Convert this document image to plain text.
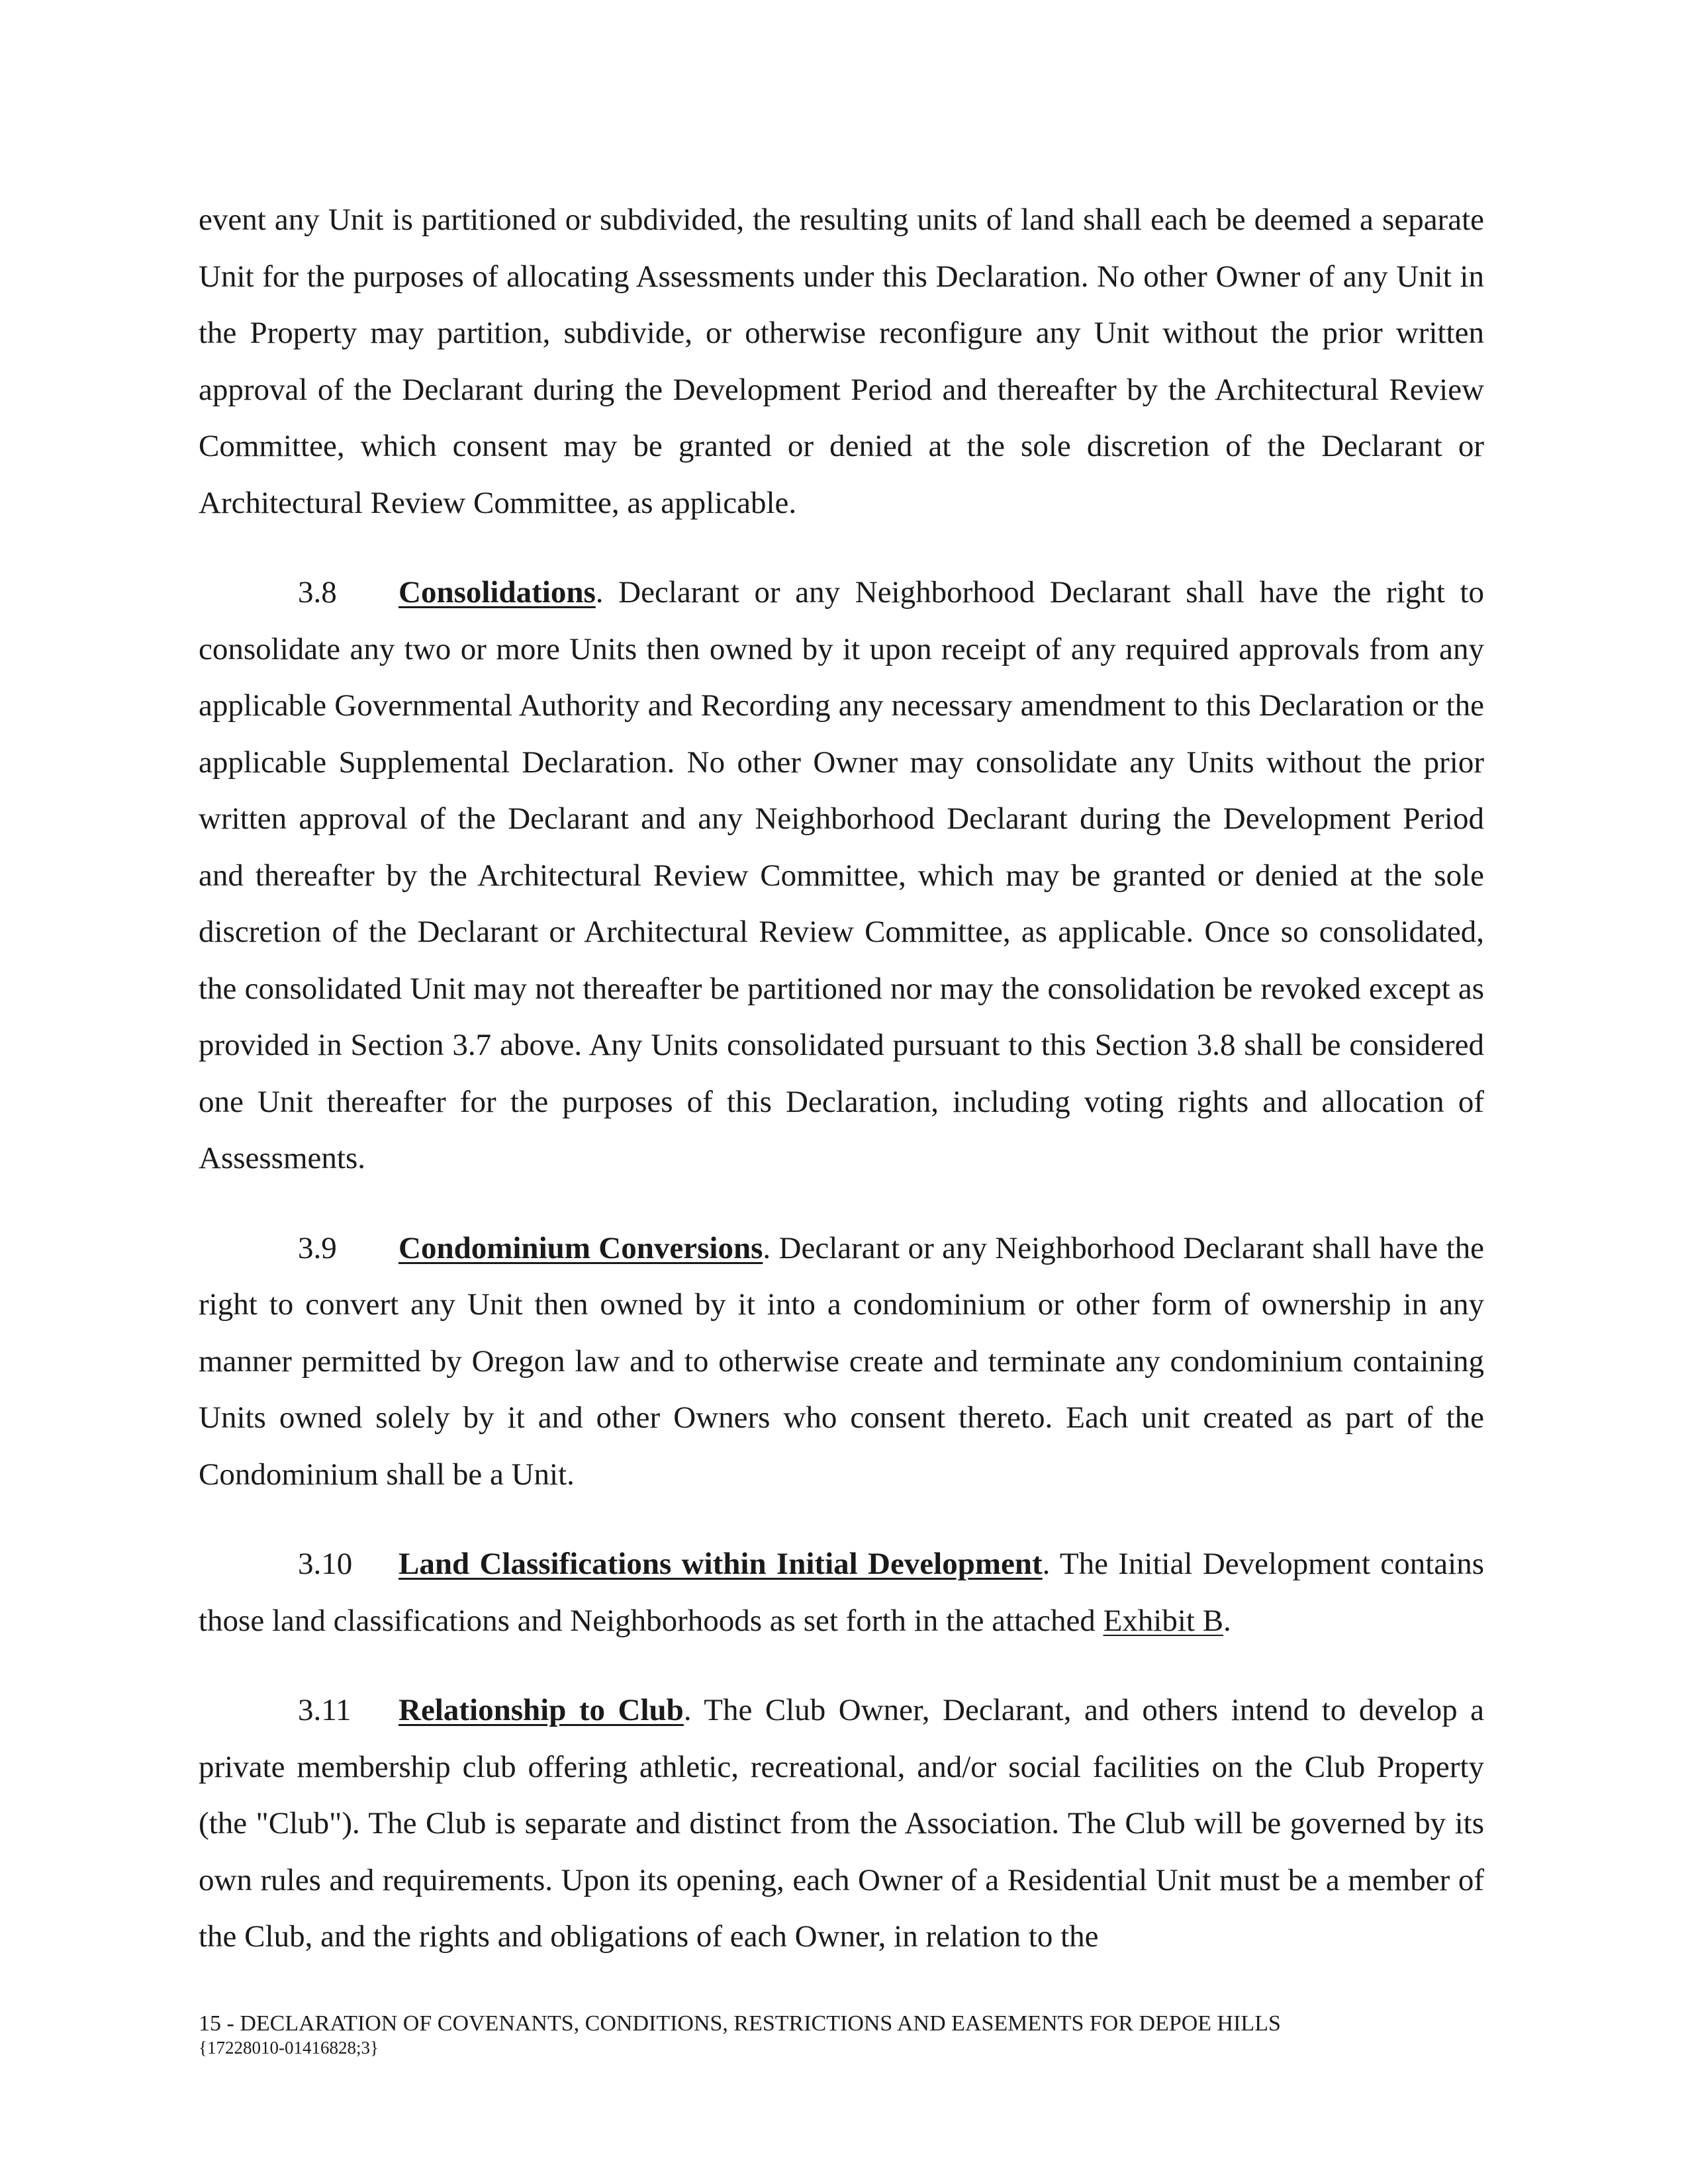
event any Unit is partitioned or subdivided, the resulting units of land shall each be deemed a separate Unit for the purposes of allocating Assessments under this Declaration. No other Owner of any Unit in the Property may partition, subdivide, or otherwise reconfigure any Unit without the prior written approval of the Declarant during the Development Period and thereafter by the Architectural Review Committee, which consent may be granted or denied at the sole discretion of the Declarant or Architectural Review Committee, as applicable.

3.8 Consolidations. Declarant or any Neighborhood Declarant shall have the right to consolidate any two or more Units then owned by it upon receipt of any required approvals from any applicable Governmental Authority and Recording any necessary amendment to this Declaration or the applicable Supplemental Declaration. No other Owner may consolidate any Units without the prior written approval of the Declarant and any Neighborhood Declarant during the Development Period and thereafter by the Architectural Review Committee, which may be granted or denied at the sole discretion of the Declarant or Architectural Review Committee, as applicable. Once so consolidated, the consolidated Unit may not thereafter be partitioned nor may the consolidation be revoked except as provided in Section 3.7 above. Any Units consolidated pursuant to this Section 3.8 shall be considered one Unit thereafter for the purposes of this Declaration, including voting rights and allocation of Assessments.

3.9 Condominium Conversions. Declarant or any Neighborhood Declarant shall have the right to convert any Unit then owned by it into a condominium or other form of ownership in any manner permitted by Oregon law and to otherwise create and terminate any condominium containing Units owned solely by it and other Owners who consent thereto. Each unit created as part of the Condominium shall be a Unit.

3.10 Land Classifications within Initial Development. The Initial Development contains those land classifications and Neighborhoods as set forth in the attached Exhibit B.

3.11 Relationship to Club. The Club Owner, Declarant, and others intend to develop a private membership club offering athletic, recreational, and/or social facilities on the Club Property (the "Club"). The Club is separate and distinct from the Association. The Club will be governed by its own rules and requirements. Upon its opening, each Owner of a Residential Unit must be a member of the Club, and the rights and obligations of each Owner, in relation to the

15 - DECLARATION OF COVENANTS, CONDITIONS, RESTRICTIONS AND EASEMENTS FOR DEPOE HILLS

{17228010-01416828;3}
